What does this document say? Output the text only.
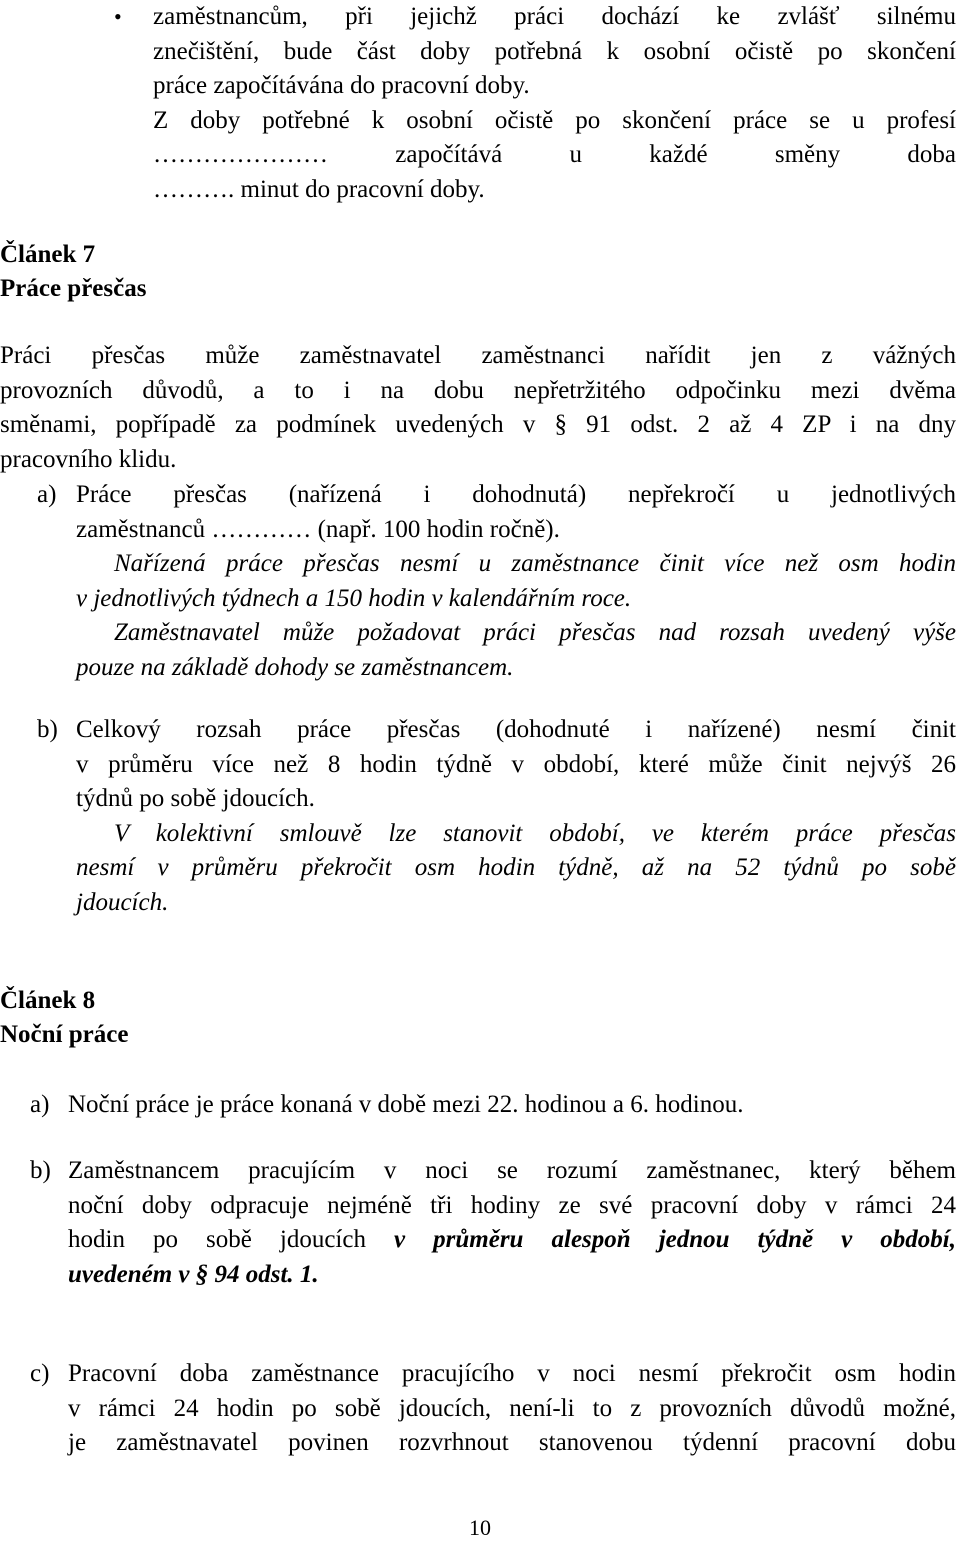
• zaměstnancům, při jejichž práci dochází ke zvlášť silnému
znečištění, bude část doby potřebná k osobní očistě po skončení
práce započítávána do pracovní doby.
Z doby potřebné k osobní očistě po skončení práce se u profesí
………………… započítává u každé směny doba
………. minut do pracovní doby.
Článek 7
Práce přesčas
Práci přesčas může zaměstnavatel zaměstnanci nařídit jen z vážných
provozních důvodů, a to i na dobu nepřetržitého odpočinku mezi dvěma
směnami, popřípadě za podmínek uvedených v § 91 odst. 2 až 4 ZP i na dny
pracovního klidu.
a) Práce přesčas (nařízená i dohodnutá) nepřekročí u jednotlivých
zaměstnanců ………… (např. 100 hodin ročně).
Nařízená práce přesčas nesmí u zaměstnance činit více než osm hodin
v jednotlivých týdnech a 150 hodin v kalendářním roce.
Zaměstnavatel může požadovat práci přesčas nad rozsah uvedený výše
pouze na základě dohody se zaměstnancem.
b) Celkový rozsah práce přesčas (dohodnuté i nařízené) nesmí činit
v průměru více než 8 hodin týdně v období, které může činit nejvýš 26
týdnů po sobě jdoucích.
V kolektivní smlouvě lze stanovit období, ve kterém práce přesčas
nesmí v průměru překročit osm hodin týdně, až na 52 týdnů po sobě
jdoucích.
Článek 8
Noční práce
a) Noční práce je práce konaná v době mezi 22. hodinou a 6. hodinou.
b) Zaměstnancem pracujícím v noci se rozumí zaměstnanec, který během
noční doby odpracuje nejméně tři hodiny ze své pracovní doby v rámci 24
hodin po sobě jdoucích v průměru alespoň jednou týdně v období,
uvedeném v § 94 odst. 1.
c) Pracovní doba zaměstnance pracujícího v noci nesmí překročit osm hodin
v rámci 24 hodin po sobě jdoucích, není-li to z provozních důvodů možné,
je zaměstnavatel povinen rozvrhnout stanovenou týdenní pracovní dobu
10
